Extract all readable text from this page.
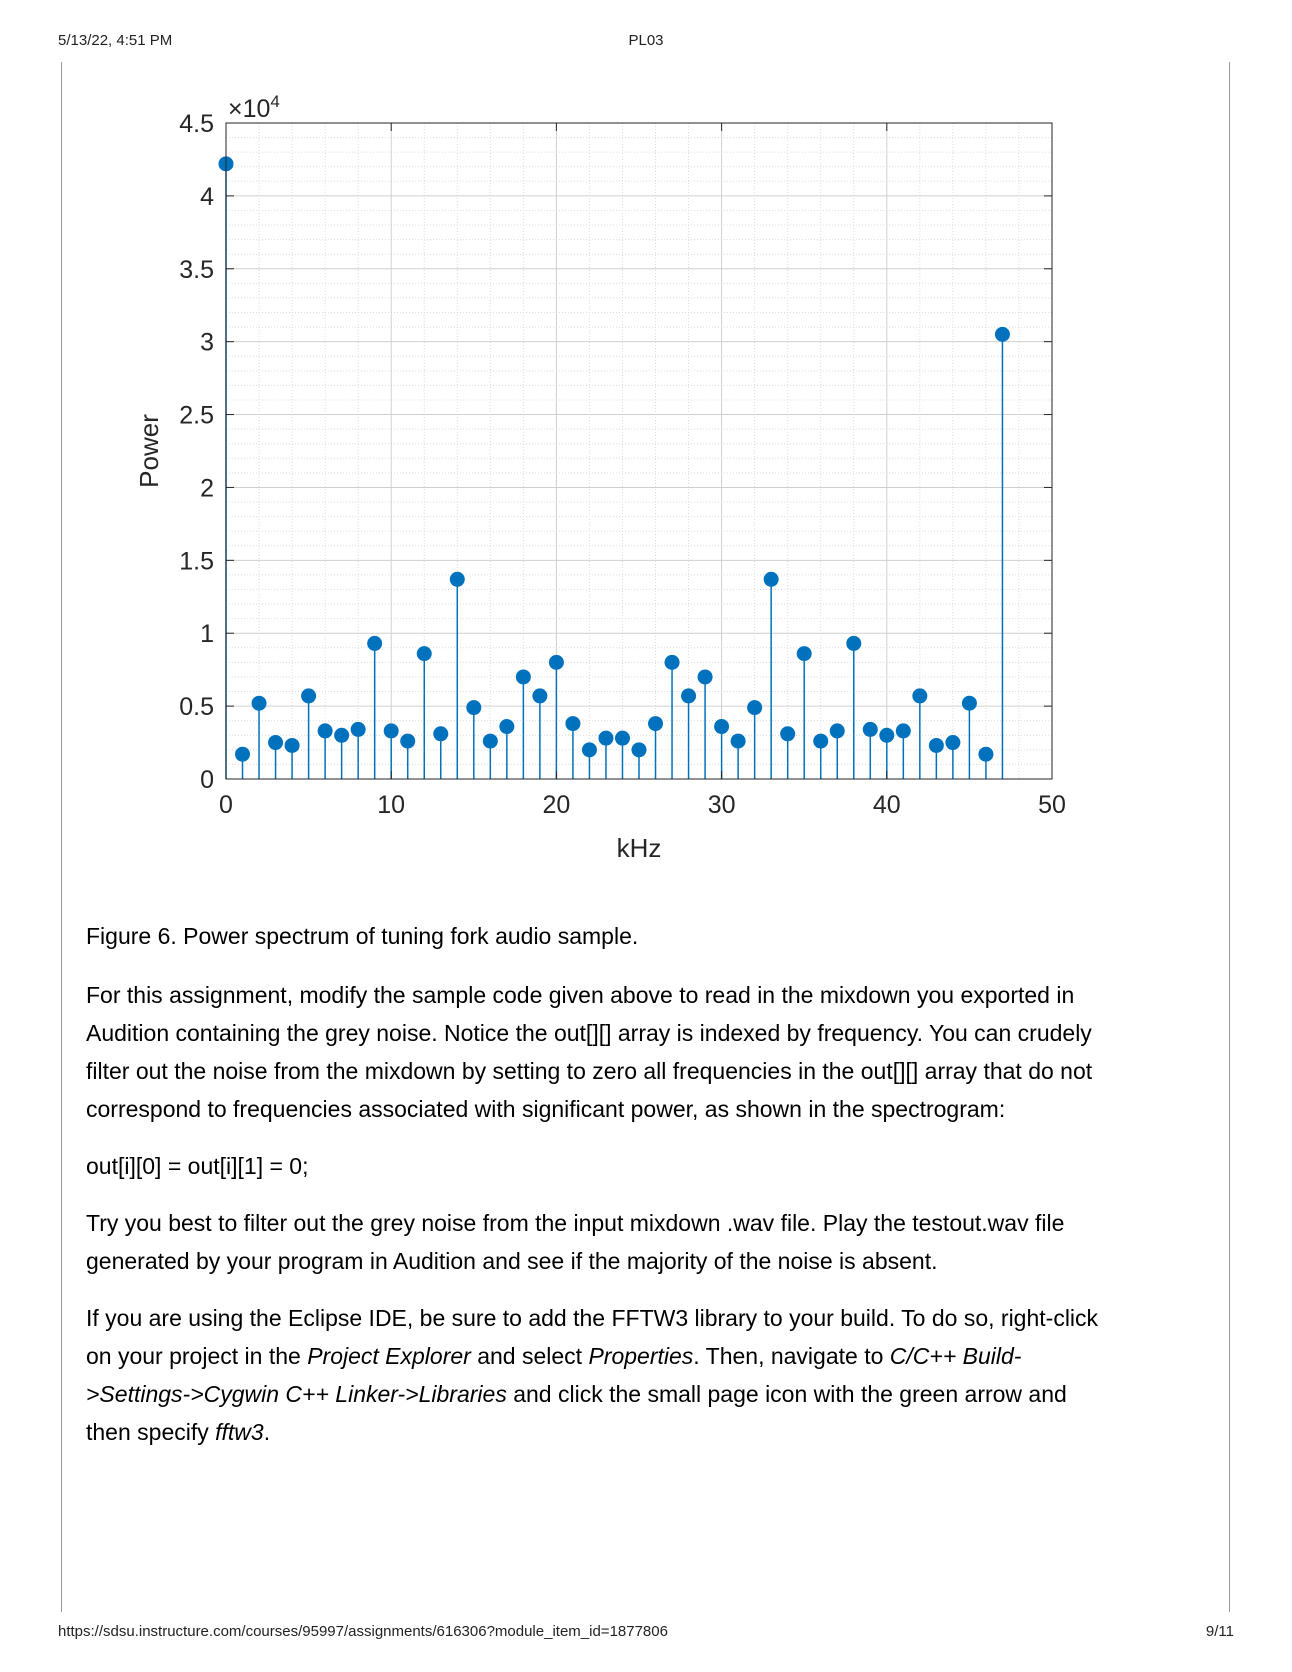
5/13/22, 4:51 PM	PL03
0	10	20	30	40	50
0
0.5
1
1.5
2
2.5
3
3.5
4
4.5
$\times 10^4$
kHz
Power
Figure 6. Power spectrum of tuning fork audio sample.

For this assignment, modify the sample code given above to read in the mixdown you exported in
Audition containing the grey noise. Notice the out[][] array is indexed by frequency. You can crudely
filter out the noise from the mixdown by setting to zero all frequencies in the out[][] array that do not
correspond to frequencies associated with significant power, as shown in the spectrogram:

out[i][0] = out[i][1] = 0;

Try you best to filter out the grey noise from the input mixdown .wav file. Play the testout.wav file
generated by your program in Audition and see if the majority of the noise is absent.

If you are using the Eclipse IDE, be sure to add the FFTW3 library to your build. To do so, right-click
on your project in the Project Explorer and select Properties. Then, navigate to C/C++ Build-
>Settings->Cygwin C++ Linker->Libraries and click the small page icon with the green arrow and
then specify fftw3.

https://sdsu.instructure.com/courses/95997/assignments/616306?module_item_id=1877806	9/11
